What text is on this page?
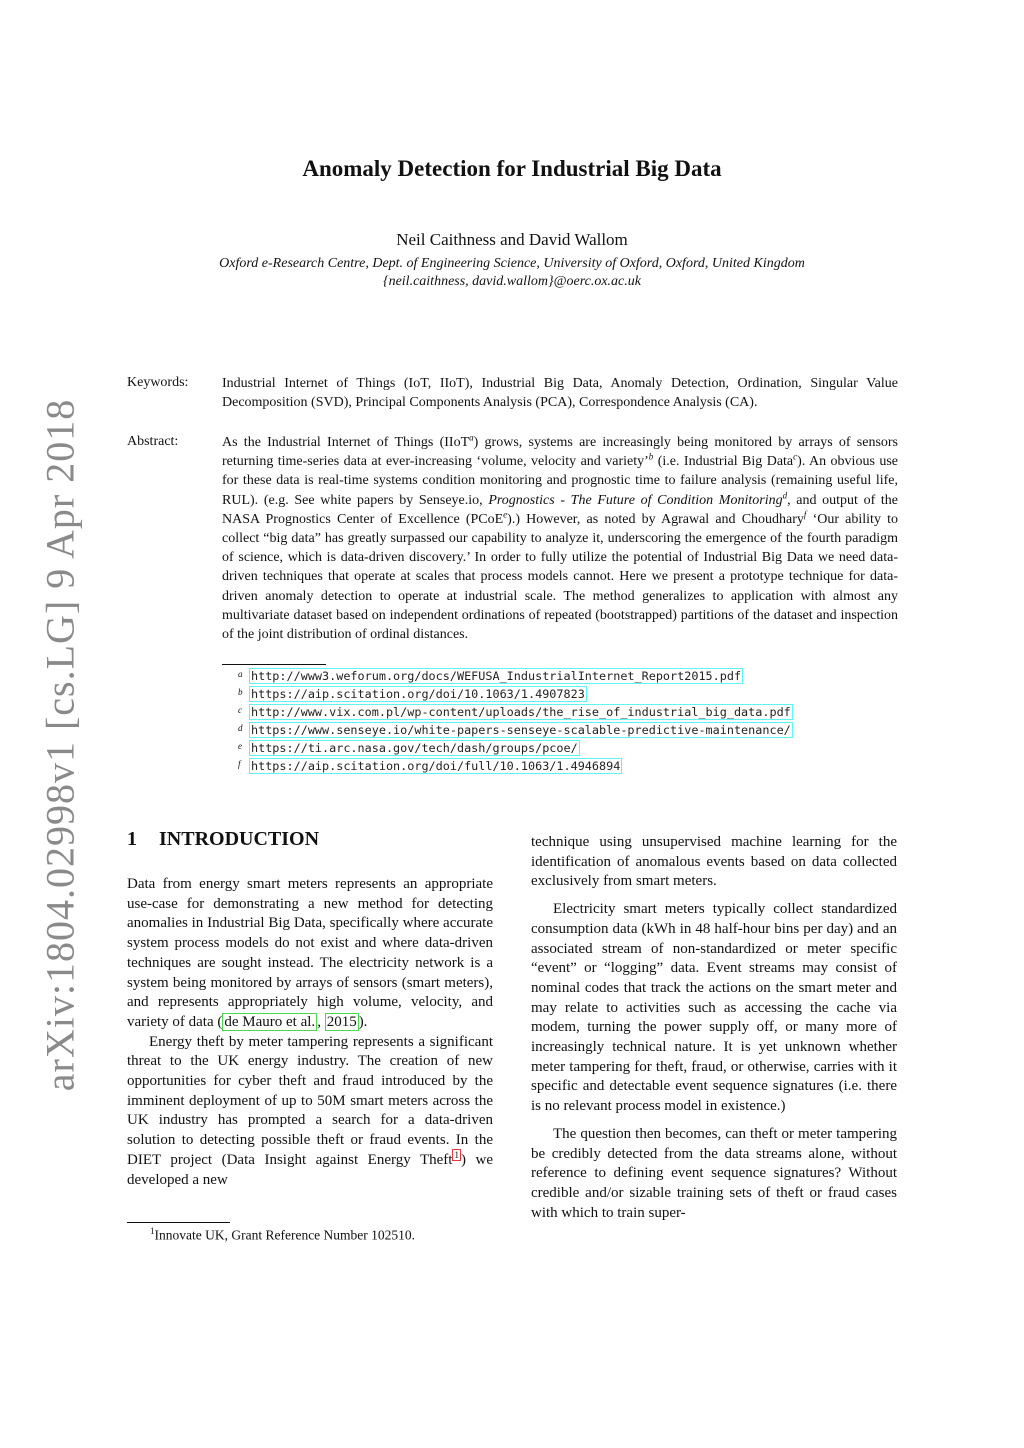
arXiv:1804.02998v1 [cs.LG] 9 Apr 2018
Anomaly Detection for Industrial Big Data
Neil Caithness and David Wallom
Oxford e-Research Centre, Dept. of Engineering Science, University of Oxford, Oxford, United Kingdom
{neil.caithness, david.wallom}@oerc.ox.ac.uk
Keywords: Industrial Internet of Things (IoT, IIoT), Industrial Big Data, Anomaly Detection, Ordination, Singular Value Decomposition (SVD), Principal Components Analysis (PCA), Correspondence Analysis (CA).
Abstract:	As the Industrial Internet of Things (IIoT$^a$) grows, systems are increasingly being monitored by arrays of sensors returning time-series data at ever-increasing ‘volume, velocity and variety’$^b$ (i.e. Industrial Big Data$^c$). An obvious use for these data is real-time systems condition monitoring and prognostic time to failure analysis (remaining useful life, RUL). (e.g. See white papers by Senseye.io, Prognostics - The Future of Condition Monitoring$^d$, and output of the NASA Prognostics Center of Excellence (PCoE$^e$).) However, as noted by Agrawal and Choudhary$^f$ ‘Our ability to collect “big data” has greatly surpassed our capability to analyze it, underscoring the emergence of the fourth paradigm of science, which is data-driven discovery.’ In order to fully utilize the potential of Industrial Big Data we need data-driven techniques that operate at scales that process models cannot. Here we present a prototype technique for data-driven anomaly detection to operate at industrial scale. The method generalizes to application with almost any multivariate dataset based on independent ordinations of repeated (bootstrapped) partitions of the dataset and inspection of the joint distribution of ordinal distances.
a http://www3.weforum.org/docs/WEFUSA_IndustrialInternet_Report2015.pdf
b https://aip.scitation.org/doi/10.1063/1.4907823
c http://www.vix.com.pl/wp-content/uploads/the_rise_of_industrial_big_data.pdf
d https://www.senseye.io/white-papers-senseye-scalable-predictive-maintenance/
e https://ti.arc.nasa.gov/tech/dash/groups/pcoe/
f https://aip.scitation.org/doi/full/10.1063/1.4946894
1 INTRODUCTION

Data from energy smart meters represents an appropriate use-case for demonstrating a new method for detecting anomalies in Industrial Big Data, specifically where accurate system process models do not exist and where data-driven techniques are sought instead. The electricity network is a system being monitored by arrays of sensors (smart meters), and represents appropriately high volume, velocity, and variety of data ( de Mauro et al. , 2015 ).

Energy theft by meter tampering represents a significant threat to the UK energy industry. The creation of new opportunities for cyber theft and fraud introduced by the imminent deployment of up to 50M smart meters across the UK industry has prompted a search for a data-driven solution to detecting possible theft or fraud events. In the DIET project (Data Insight against Energy Theft $^1$ ) we developed a new

technique using unsupervised machine learning for the identification of anomalous events based on data collected exclusively from smart meters.

Electricity smart meters typically collect standardized consumption data (kWh in 48 half-hour bins per day) and an associated stream of non-standardized or meter specific “event” or “logging” data. Event streams may consist of nominal codes that track the actions on the smart meter and may relate to activities such as accessing the cache via modem, turning the power supply off, or many more of increasingly technical nature. It is yet unknown whether meter tampering for theft, fraud, or otherwise, carries with it specific and detectable event sequence signatures (i.e. there is no relevant process model in existence.)

The question then becomes, can theft or meter tampering be credibly detected from the data streams alone, without reference to defining event sequence signatures? Without credible and/or sizable training sets of theft or fraud cases with which to train super-

$^1$Innovate UK, Grant Reference Number 102510.
